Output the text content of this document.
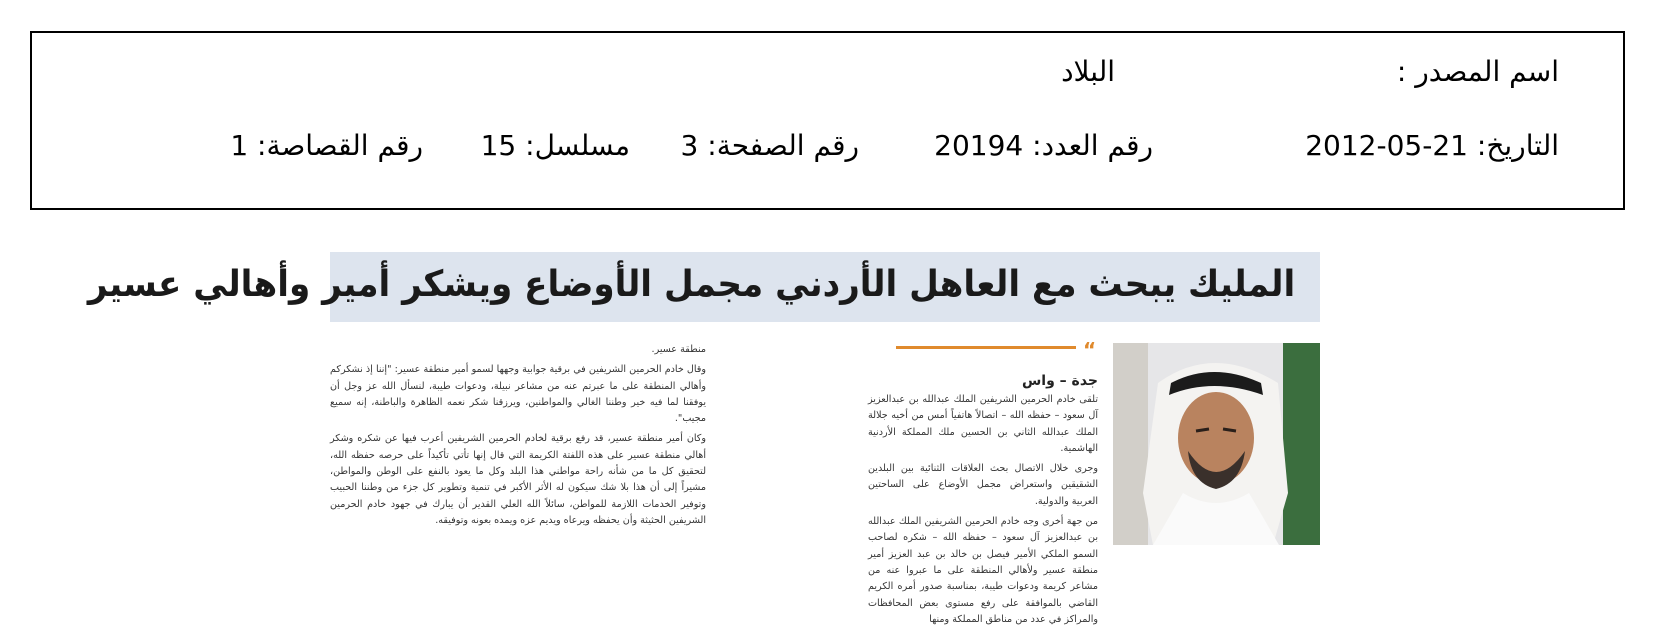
اسم المصدر :
البلاد
التاريخ: 21-05-2012
رقم العدد: 20194
رقم الصفحة: 3
مسلسل: 15
رقم القصاصة: 1
المليك يبحث مع العاهل الأردني مجمل الأوضاع ويشكر أمير وأهالي عسير
“
جدة – واس

تلقى خادم الحرمين الشريفين الملك عبدالله بن عبدالعزيز آل سعود – حفظه الله – اتصالاً هاتفياً أمس من أخيه جلالة الملك عبدالله الثاني بن الحسين ملك المملكة الأردنية الهاشمية.

وجرى خلال الاتصال بحث العلاقات الثنائية بين البلدين الشقيقين واستعراض مجمل الأوضاع على الساحتين العربية والدولية.

من جهة أخرى وجه خادم الحرمين الشريفين الملك عبدالله بن عبدالعزيز آل سعود – حفظه الله – شكره لصاحب السمو الملكي الأمير فيصل بن خالد بن عبد العزيز أمير منطقة عسير ولأهالي المنطقة على ما عبروا عنه من مشاعر كريمة ودعوات طيبة، بمناسبة صدور أمره الكريم القاضي بالموافقة على رفع مستوى بعض المحافظات والمراكز في عدد من مناطق المملكة ومنها

منطقة عسير.

وقال خادم الحرمين الشريفين في برقية جوابية وجهها لسمو أمير منطقة عسير: "إننا إذ نشكركم وأهالي المنطقة على ما عبرتم عنه من مشاعر نبيلة، ودعوات طيبة، لنسأل الله عز وجل أن يوفقنا لما فيه خير وطننا الغالي والمواطنين، ويرزقنا شكر نعمه الظاهرة والباطنة، إنه سميع مجيب".

وكان أمير منطقة عسير، قد رفع برقية لخادم الحرمين الشريفين أعرب فيها عن شكره وشكر أهالي منطقة عسير على هذه اللفتة الكريمة التي قال إنها تأتي تأكيداً على حرصه حفظه الله، لتحقيق كل ما من شأنه راحة مواطني هذا البلد وكل ما يعود بالنفع على الوطن والمواطن، مشيراً إلى أن هذا بلا شك سيكون له الأثر الأكبر في تنمية وتطوير كل جزء من وطننا الحبيب وتوفير الخدمات اللازمة للمواطن، سائلاً الله العلي القدير أن يبارك في جهود خادم الحرمين الشريفين الحثيثة وأن يحفظه ويرعاه ويديم عزه ويمده بعونه وتوفيقه.
